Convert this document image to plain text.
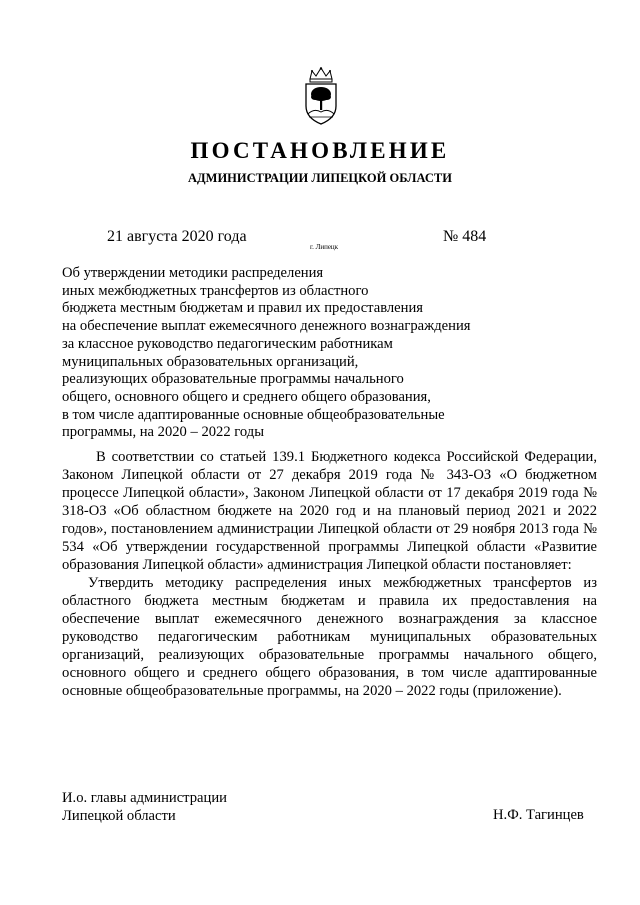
ПОСТАНОВЛЕНИЕ
АДМИНИСТРАЦИИ ЛИПЕЦКОЙ ОБЛАСТИ
21 августа 2020 года
г. Липецк
№ 484
Об утверждении методики распределения
иных межбюджетных трансфертов из областного
бюджета местным бюджетам и правил их предоставления
на обеспечение выплат ежемесячного денежного вознаграждения
за классное руководство педагогическим работникам
муниципальных образовательных организаций,
реализующих образовательные программы начального
общего, основного общего и среднего общего образования,
в том числе адаптированные основные общеобразовательные
программы, на 2020 – 2022 годы

В соответствии со статьей 139.1 Бюджетного кодекса Российской Федерации, Законом Липецкой области от 27 декабря 2019 года № 343-ОЗ «О бюджетном процессе Липецкой области», Законом Липецкой области от 17 декабря 2019 года № 318-ОЗ «Об областном бюджете на 2020 год и на плановый период 2021 и 2022 годов», постановлением администрации Липецкой области от 29 ноября 2013 года № 534 «Об утверждении государственной программы Липецкой области «Развитие образования Липецкой области» администрация Липецкой области постановляет:

Утвердить методику распределения иных межбюджетных трансфертов из областного бюджета местным бюджетам и правила их предоставления на обеспечение выплат ежемесячного денежного вознаграждения за классное руководство педагогическим работникам муниципальных образовательных организаций, реализующих образовательные программы начального общего, основного общего и среднего общего образования, в том числе адаптированные основные общеобразовательные программы, на 2020 – 2022 годы (приложение).

И.о. главы администрации
Липецкой области	Н.Ф. Тагинцев
